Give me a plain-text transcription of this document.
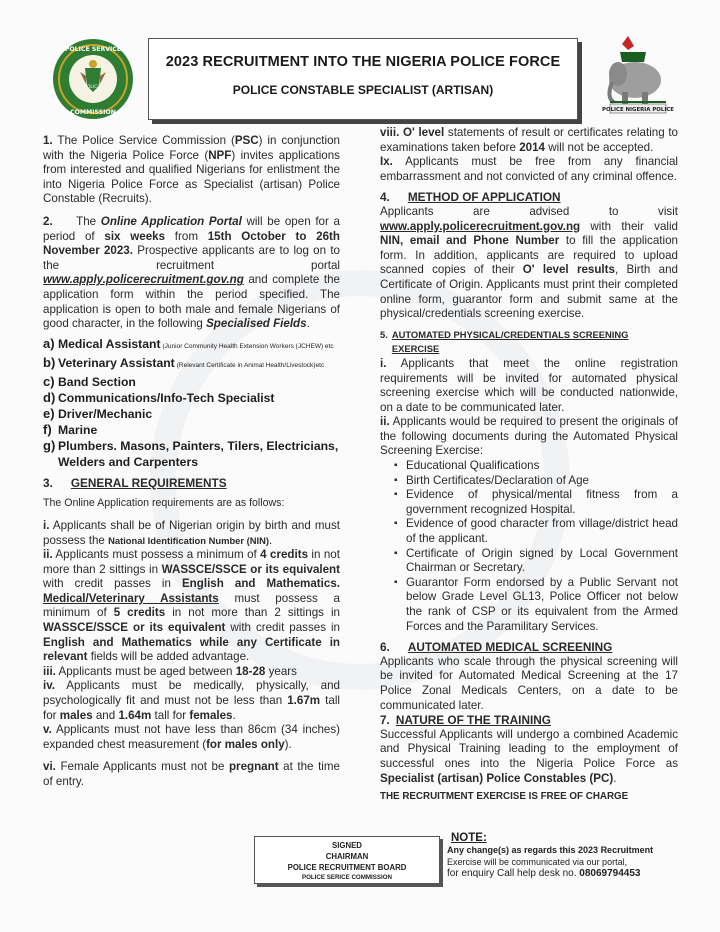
POLICIA
POLICE SERVICE
COMMISSION
2023 RECRUITMENT INTO THE NIGERIA POLICE FORCE
POLICE CONSTABLE SPECIALIST (ARTISAN)
POLICE NIGERIA POLICE
1. The Police Service Commission (PSC) in conjunction with the Nigeria Police Force (NPF) invites applications from interested and qualified Nigerians for enlistment the into Nigeria Police Force as Specialist (artisan) Police Constable (Recruits).
2. The Online Application Portal will be open for a period of six weeks from 15th October to 26th November 2023. Prospective applicants are to log on to the recruitment portal www.apply.policerecruitment.gov.ng and complete the application form within the period specified. The application is open to both male and female Nigerians of good character, in the following Specialised Fields.
a) Medical Assistant (Junior Community Health Extension Workers (JCHEW) etc
b) Veterinary Assistant (Relevant Certificate in Animal Health/Livestock)etc
c) Band Section
d) Communications/Info-Tech Specialist
e) Driver/Mechanic
f) Marine
g) Plumbers. Masons, Painters, Tilers, Electricians, Welders and Carpenters
3. GENERAL REQUIREMENTS
The Online Application requirements are as follows:
i. Applicants shall be of Nigerian origin by birth and must possess the National Identification Number (NIN).
ii. Applicants must possess a minimum of 4 credits in not more than 2 sittings in WASSCE/SSCE or its equivalent with credit passes in English and Mathematics. Medical/Veterinary Assistants must possess a minimum of 5 credits in not more than 2 sittings in WASSCE/SSCE or its equivalent with credit passes in English and Mathematics while any Certificate in relevant fields will be added advantage.
iii. Applicants must be aged between 18-28 years
iv. Applicants must be medically, physically, and psychologically fit and must not be less than 1.67m tall for males and 1.64m tall for females.
v. Applicants must not have less than 86cm (34 inches) expanded chest measurement (for males only).
vi. Female Applicants must not be pregnant at the time of entry.
viii. O' level statements of result or certificates relating to examinations taken before 2014 will not be accepted.
Ix. Applicants must be free from any financial embarrassment and not convicted of any criminal offence.
4. METHOD OF APPLICATION
Applicants are advised to visit www.apply.policerecruitment.gov.ng with their valid NIN, email and Phone Number to fill the application form. In addition, applicants are required to upload scanned copies of their O' level results, Birth and Certificate of Origin. Applicants must print their completed online form, guarantor form and submit same at the physical/credentials screening exercise.
5. AUTOMATED PHYSICAL/CREDENTIALS SCREENING EXERCISE
i. Applicants that meet the online registration requirements will be invited for automated physical screening exercise which will be conducted nationwide, on a date to be communicated later.
ii. Applicants would be required to present the originals of the following documents during the Automated Physical Screening Exercise:
▪ Educational Qualifications
▪ Birth Certificates/Declaration of Age
▪ Evidence of physical/mental fitness from a government recognized Hospital.
▪ Evidence of good character from village/district head of the applicant.
▪ Certificate of Origin signed by Local Government Chairman or Secretary.
▪ Guarantor Form endorsed by a Public Servant not below Grade Level GL13, Police Officer not below the rank of CSP or its equivalent from the Armed Forces and the Paramilitary Services.
6. AUTOMATED MEDICAL SCREENING
Applicants who scale through the physical screening will be invited for Automated Medical Screening at the 17 Police Zonal Medicals Centers, on a date to be communicated later.
7. NATURE OF THE TRAINING
Successful Applicants will undergo a combined Academic and Physical Training leading to the employment of successful ones into the Nigeria Police Force as Specialist (artisan) Police Constables (PC).
THE RECRUITMENT EXERCISE IS FREE OF CHARGE
SIGNED
CHAIRMAN
POLICE RECRUITMENT BOARD
POLICE SERICE COMMISSION
NOTE:
Any change(s) as regards this 2023 Recruitment
Exercise will be communicated via our portal,
for enquiry Call help desk no. 08069794453
